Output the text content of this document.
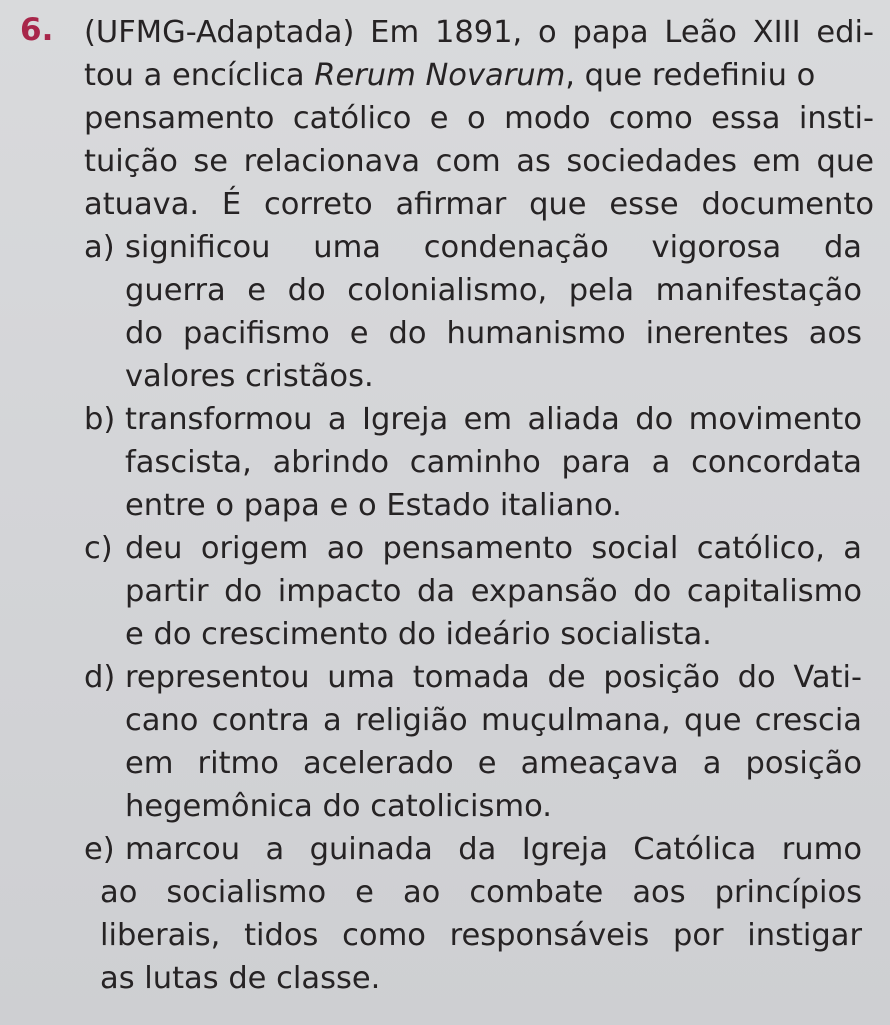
6. (UFMG-Adaptada) Em 1891, o papa Leão XIII edi-
tou a encíclica Rerum Novarum, que redefiniu o
pensamento católico e o modo como essa insti-
tuição se relacionava com as sociedades em que
atuava. É correto afirmar que esse documento
a) significou uma condenação vigorosa da
guerra e do colonialismo, pela manifestação
do pacifismo e do humanismo inerentes aos
valores cristãos.
b) transformou a Igreja em aliada do movimento
fascista, abrindo caminho para a concordata
entre o papa e o Estado italiano.
c) deu origem ao pensamento social católico, a
partir do impacto da expansão do capitalismo
e do crescimento do ideário socialista.
d) representou uma tomada de posição do Vati-
cano contra a religião muçulmana, que crescia
em ritmo acelerado e ameaçava a posição
hegemônica do catolicismo.
e) marcou a guinada da Igreja Católica rumo
ao socialismo e ao combate aos princípios
liberais, tidos como responsáveis por instigar
as lutas de classe.
